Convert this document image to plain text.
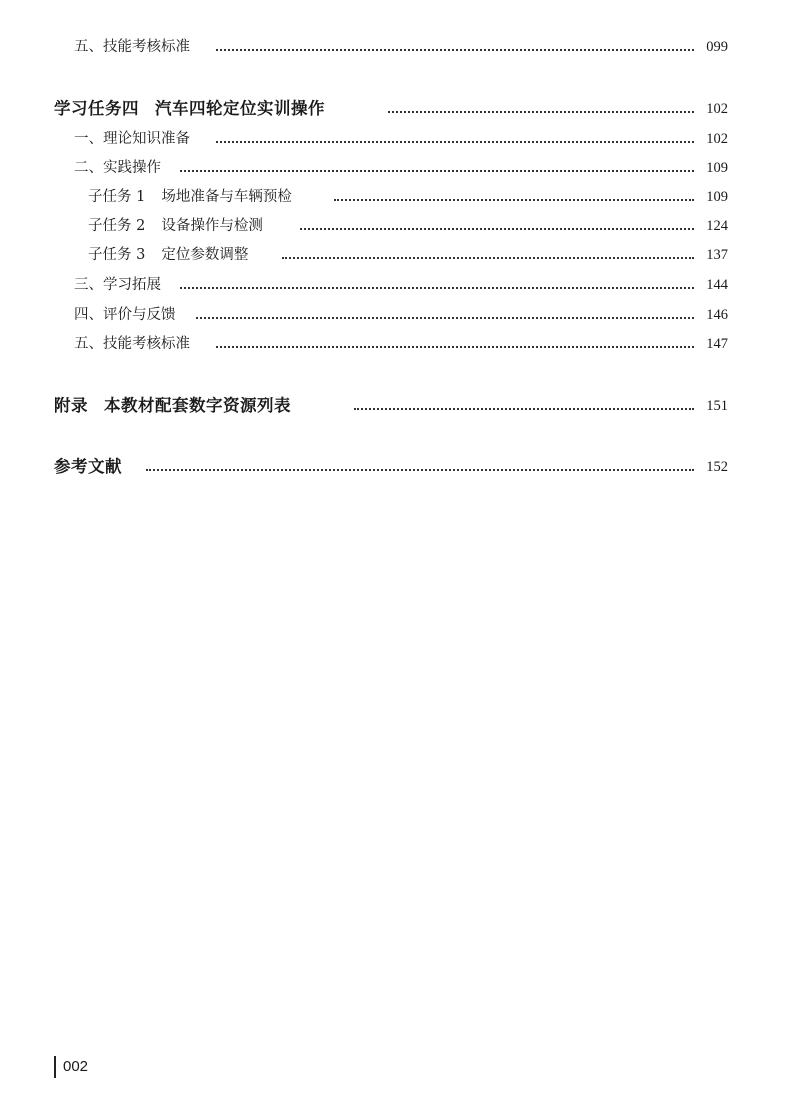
五、技能考核标准	099
学习任务四 汽车四轮定位实训操作	102
一、理论知识准备	102
二、实践操作	109
子任务 1 场地准备与车辆预检	109
子任务 2 设备操作与检测	124
子任务 3 定位参数调整	137
三、学习拓展	144
四、评价与反馈	146
五、技能考核标准	147
附录 本教材配套数字资源列表	151
参考文献	152
002
